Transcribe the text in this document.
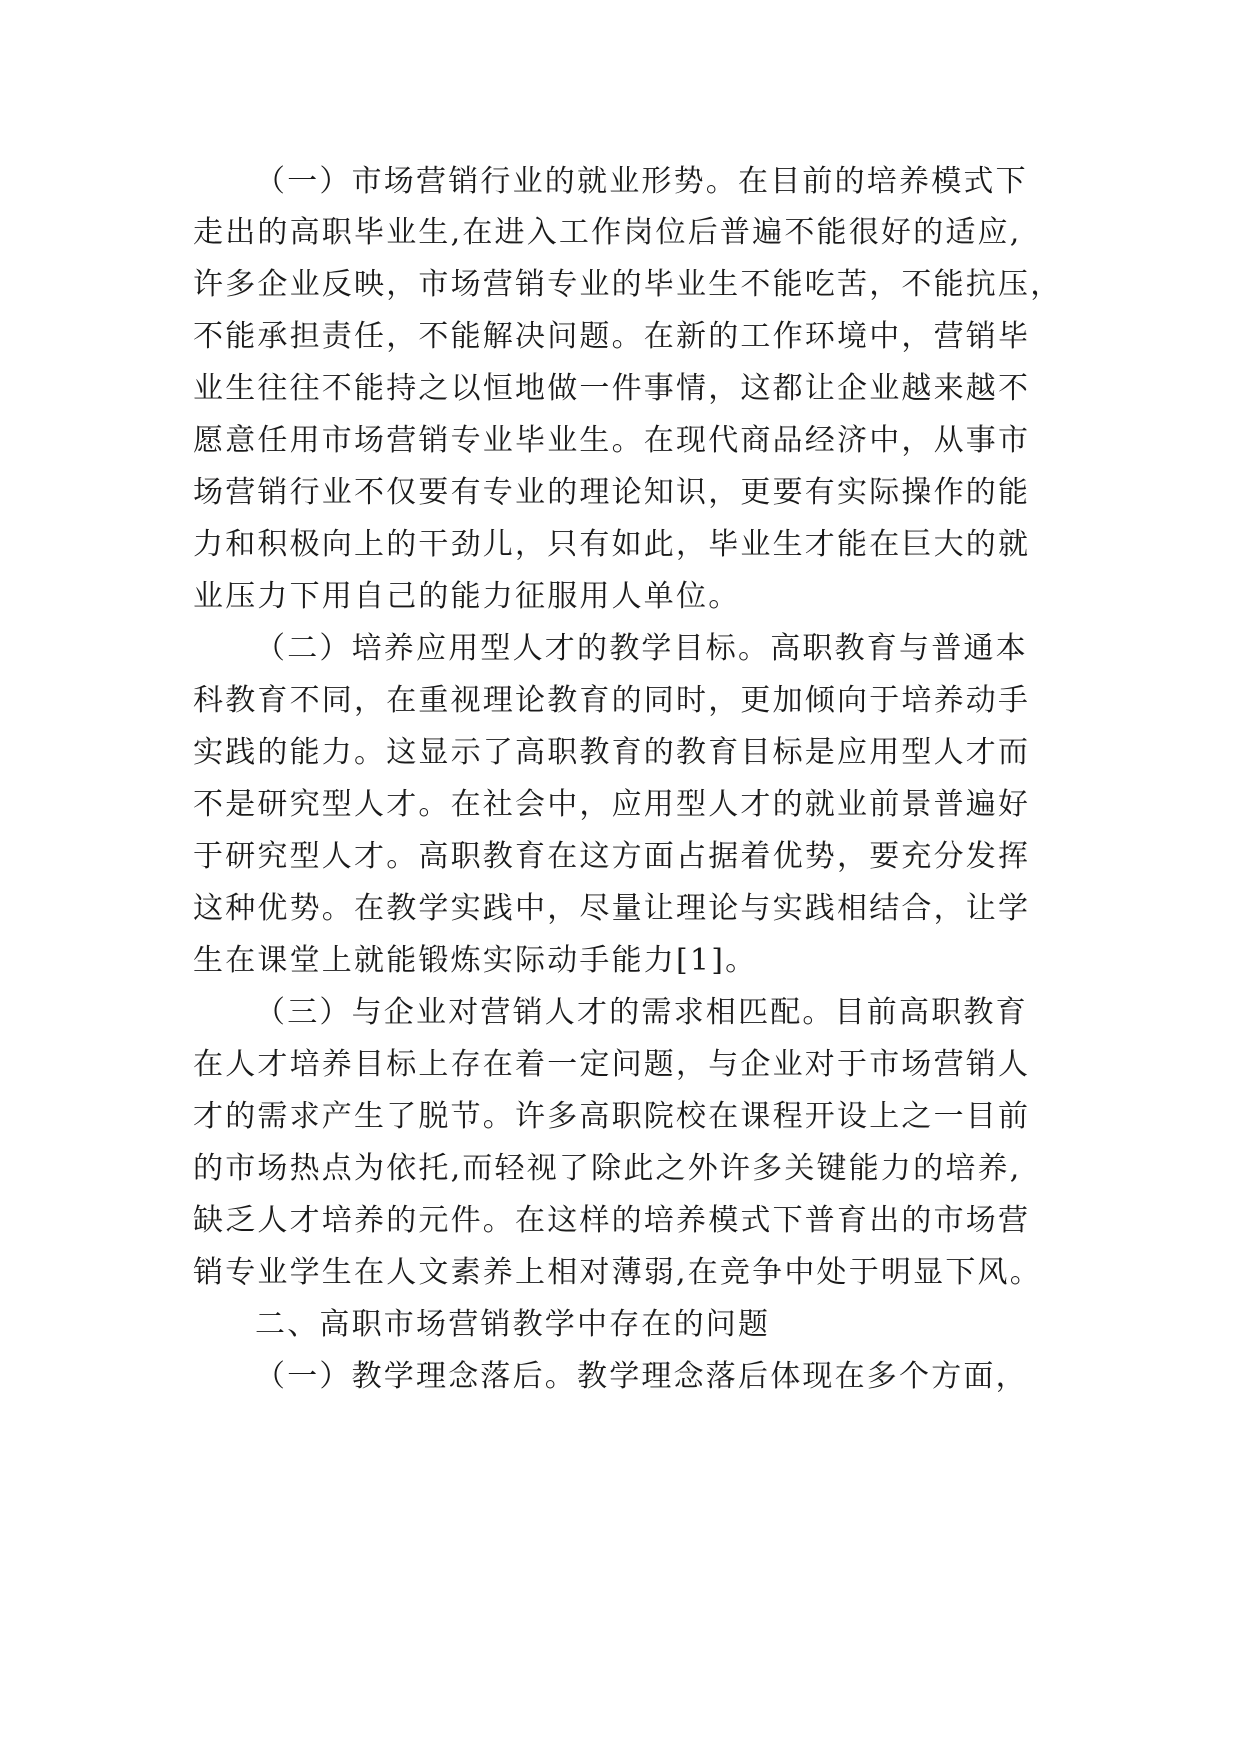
（一）市场营销行业的就业形势。在目前的培养模式下
走出的高职毕业生,在进入工作岗位后普遍不能很好的适应,
许多企业反映，市场营销专业的毕业生不能吃苦，不能抗压，
不能承担责任，不能解决问题。在新的工作环境中，营销毕
业生往往不能持之以恒地做一件事情，这都让企业越来越不
愿意任用市场营销专业毕业生。在现代商品经济中，从事市
场营销行业不仅要有专业的理论知识，更要有实际操作的能
力和积极向上的干劲儿，只有如此，毕业生才能在巨大的就
业压力下用自己的能力征服用人单位。
（二）培养应用型人才的教学目标。高职教育与普通本
科教育不同，在重视理论教育的同时，更加倾向于培养动手
实践的能力。这显示了高职教育的教育目标是应用型人才而
不是研究型人才。在社会中，应用型人才的就业前景普遍好
于研究型人才。高职教育在这方面占据着优势，要充分发挥
这种优势。在教学实践中，尽量让理论与实践相结合，让学
生在课堂上就能锻炼实际动手能力[1]。
（三）与企业对营销人才的需求相匹配。目前高职教育
在人才培养目标上存在着一定问题，与企业对于市场营销人
才的需求产生了脱节。许多高职院校在课程开设上之一目前
的市场热点为依托,而轻视了除此之外许多关键能力的培养,
缺乏人才培养的元件。在这样的培养模式下普育出的市场营
销专业学生在人文素养上相对薄弱,在竞争中处于明显下风。
二、高职市场营销教学中存在的问题
（一）教学理念落后。教学理念落后体现在多个方面，
